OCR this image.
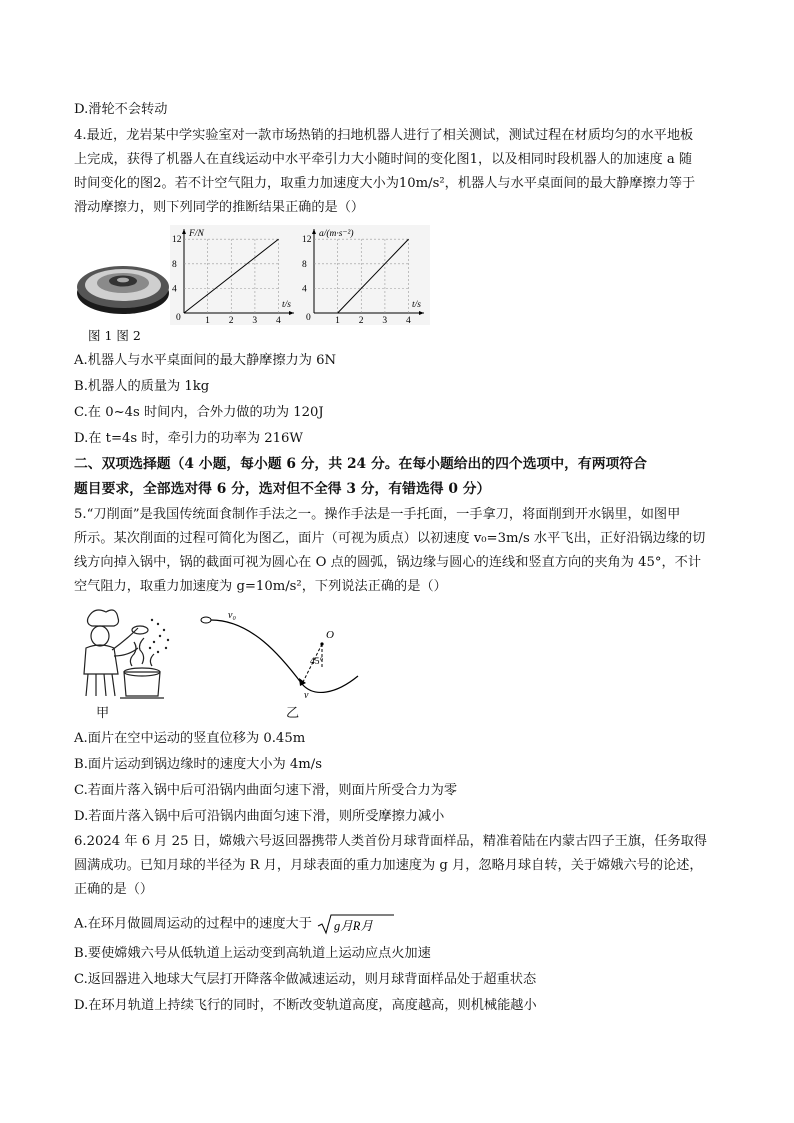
D.滑轮不会转动
4.最近，龙岩某中学实验室对一款市场热销的扫地机器人进行了相关测试，测试过程在材质均匀的水平地板
上完成，获得了机器人在直线运动中水平牵引力大小随时间的变化图1，以及相同时段机器人的加速度 a 随
时间变化的图2。若不计空气阻力，取重力加速度大小为10m/s²，机器人与水平桌面间的最大静摩擦力等于
滑动摩擦力，则下列同学的推断结果正确的是（）
4
8
12
1 2 3 4
F/N
t/s
0
4
8
12
1 2 3 4
a/(m·s⁻²)
t/s
0
图 1 图 2
A.机器人与水平桌面间的最大静摩擦力为 6N
B.机器人的质量为 1kg
C.在 0~4s 时间内，合外力做的功为 120J
D.在 t=4s 时，牵引力的功率为 216W
二、双项选择题（4 小题，每小题 6 分，共 24 分。在每小题给出的四个选项中，有两项符合
题目要求，全部选对得 6 分，选对但不全得 3 分，有错选得 0 分）
5.“刀削面”是我国传统面食制作手法之一。操作手法是一手托面，一手拿刀，将面削到开水锅里，如图甲
所示。某次削面的过程可简化为图乙，面片（可视为质点）以初速度 v₀=3m/s 水平飞出，正好沿锅边缘的切
线方向掉入锅中，锅的截面可视为圆心在 O 点的圆弧，锅边缘与圆心的连线和竖直方向的夹角为 45°，不计
空气阻力，取重力加速度为 g=10m/s²，下列说法正确的是（）
甲
v₀
v
O
45°
乙
A.面片在空中运动的竖直位移为 0.45m
B.面片运动到锅边缘时的速度大小为 4m/s
C.若面片落入锅中后可沿锅内曲面匀速下滑，则面片所受合力为零
D.若面片落入锅中后可沿锅内曲面匀速下滑，则所受摩擦力减小
6.2024 年 6 月 25 日，嫦娥六号返回器携带人类首份月球背面样品，精准着陆在内蒙古四子王旗，任务取得
圆满成功。已知月球的半径为 R 月，月球表面的重力加速度为 g 月，忽略月球自转，关于嫦娥六号的论述，
正确的是（）
A.在环月做圆周运动的过程中的速度大于 g月R月
B.要使嫦娥六号从低轨道上运动变到高轨道上运动应点火加速
C.返回器进入地球大气层打开降落伞做减速运动，则月球背面样品处于超重状态
D.在环月轨道上持续飞行的同时，不断改变轨道高度，高度越高，则机械能越小
